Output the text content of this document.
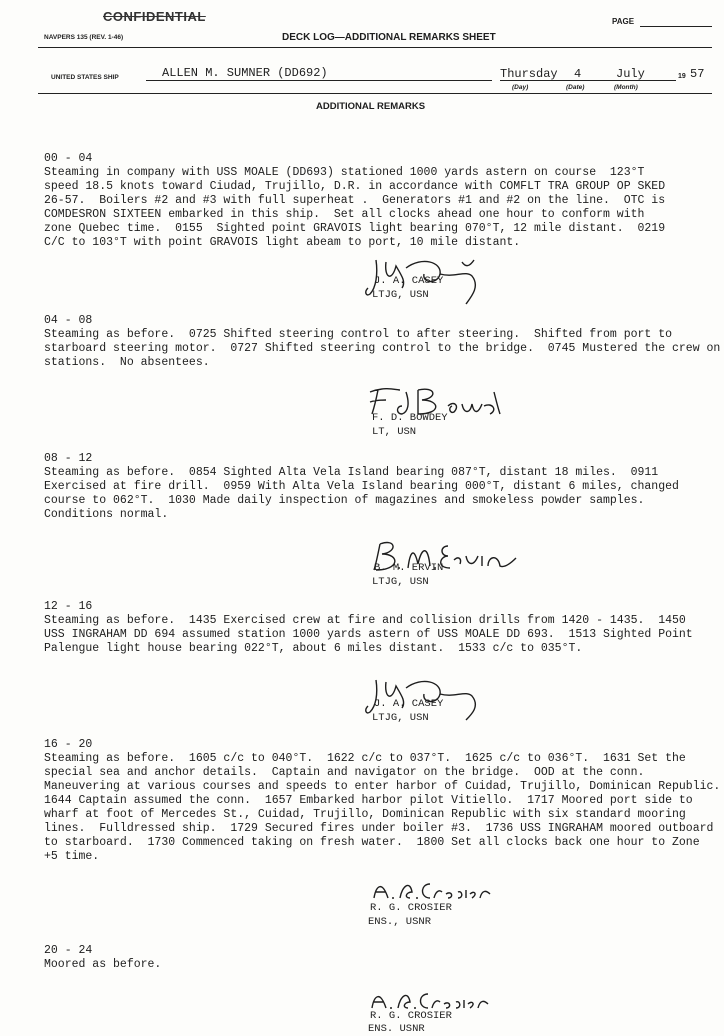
CONFIDENTIAL	PAGE
NAVPERS 135 (REV. 1-46)	DECK LOG—ADDITIONAL REMARKS SHEET
UNITED STATES SHIP	ALLEN M. SUMNER (DD692)	Thursday 4	July	19 57
(Day)	(Date)	(Month)
ADDITIONAL REMARKS
00 - 04
Steaming in company with USS MOALE (DD693) stationed 1000 yards astern on course  123°T
speed 18.5 knots toward Ciudad, Trujillo, D.R. in accordance with COMFLT TRA GROUP OP SKED
26-57.  Boilers #2 and #3 with full superheat .  Generators #1 and #2 on the line.  OTC is
COMDESRON SIXTEEN embarked in this ship.  Set all clocks ahead one hour to conform with
zone Quebec time.  0155  Sighted point GRAVOIS light bearing 070°T, 12 mile distant.  0219
C/C to 103°T with point GRAVOIS light abeam to port, 10 mile distant.
J. A. CASEY
LTJG, USN
04 - 08
Steaming as before.  0725 Shifted steering control to after steering.  Shifted from port to
starboard steering motor.  0727 Shifted steering control to the bridge.  0745 Mustered the crew on
stations.  No absentees.
F. D. BOWDEY
LT, USN
08 - 12
Steaming as before.  0854 Sighted Alta Vela Island bearing 087°T, distant 18 miles.  0911
Exercised at fire drill.  0959 With Alta Vela Island bearing 000°T, distant 6 miles, changed
course to 062°T.  1030 Made daily inspection of magazines and smokeless powder samples.
Conditions normal.
B. M. ERVIN
LTJG, USN
12 - 16
Steaming as before.  1435 Exercised crew at fire and collision drills from 1420 - 1435.  1450
USS INGRAHAM DD 694 assumed station 1000 yards astern of USS MOALE DD 693.  1513 Sighted Point
Palengue light house bearing 022°T, about 6 miles distant.  1533 c/c to 035°T.
J. A. CASEY
LTJG, USN
16 - 20
Steaming as before.  1605 c/c to 040°T.  1622 c/c to 037°T.  1625 c/c to 036°T.  1631 Set the
special sea and anchor details.  Captain and navigator on the bridge.  OOD at the conn.
Maneuvering at various courses and speeds to enter harbor of Cuidad, Trujillo, Dominican Republic.
1644 Captain assumed the conn.  1657 Embarked harbor pilot Vitiello.  1717 Moored port side to
wharf at foot of Mercedes St., Cuidad, Trujillo, Dominican Republic with six standard mooring
lines.  Fulldressed ship.  1729 Secured fires under boiler #3.  1736 USS INGRAHAM moored outboard
to starboard.  1730 Commenced taking on fresh water.  1800 Set all clocks back one hour to Zone
+5 time.
R. G. CROSIER
ENS., USNR
20 - 24
Moored as before.
R. G. CROSIER
ENS. USNR
